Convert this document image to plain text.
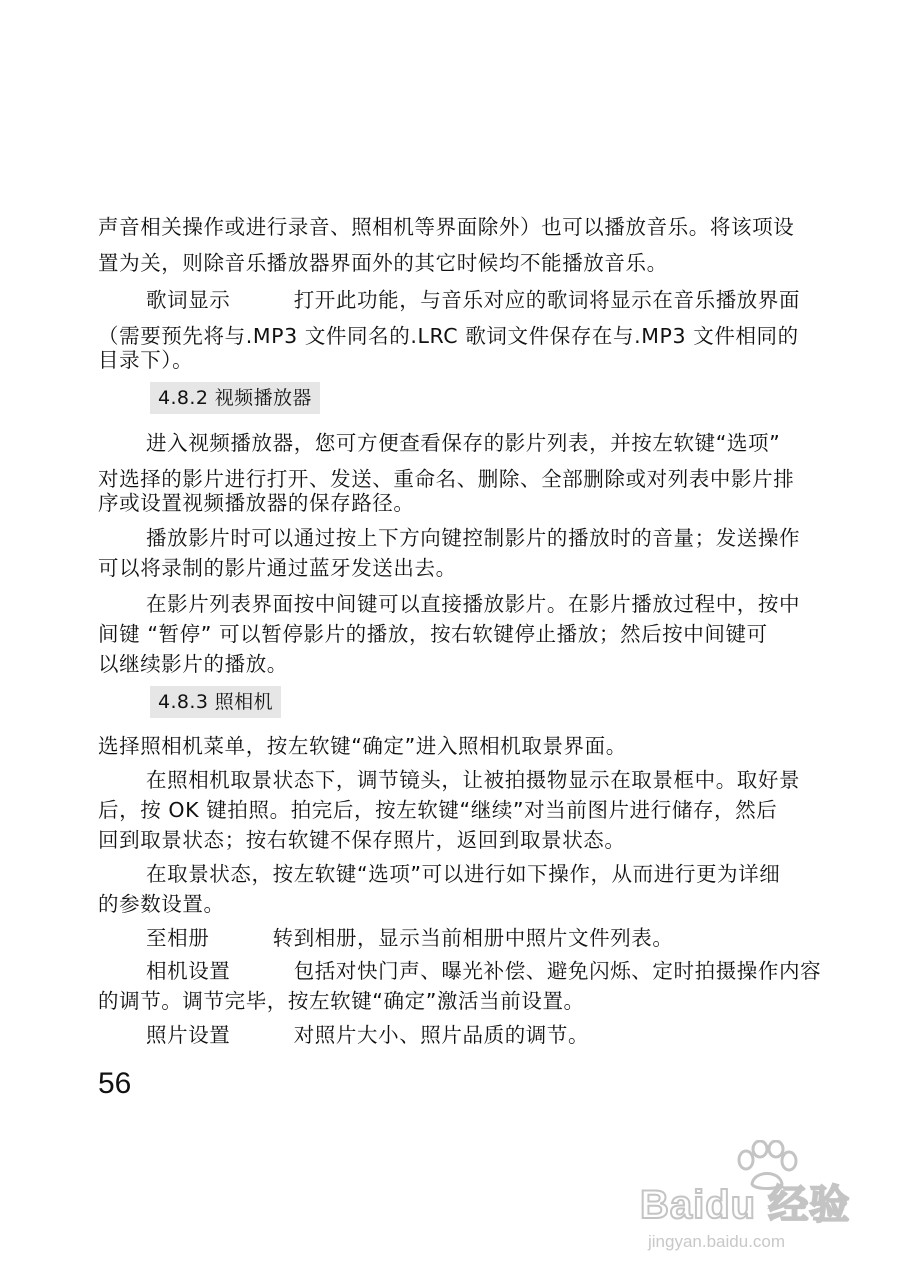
声音相关操作或进行录音、照相机等界面除外）也可以播放音乐。将该项设
置为关，则除音乐播放器界面外的其它时候均不能播放音乐。
歌词显示　　　打开此功能，与音乐对应的歌词将显示在音乐播放界面
（需要预先将与.MP3 文件同名的.LRC 歌词文件保存在与.MP3 文件相同的
目录下）。
4.8.2 视频播放器
进入视频播放器，您可方便查看保存的影片列表，并按左软键“选项”
对选择的影片进行打开、发送、重命名、删除、全部删除或对列表中影片排
序或设置视频播放器的保存路径。
播放影片时可以通过按上下方向键控制影片的播放时的音量；发送操作
可以将录制的影片通过蓝牙发送出去。
在影片列表界面按中间键可以直接播放影片。在影片播放过程中，按中
间键 “暂停” 可以暂停影片的播放，按右软键停止播放；然后按中间键可
以继续影片的播放。
4.8.3 照相机
选择照相机菜单，按左软键“确定”进入照相机取景界面。
在照相机取景状态下，调节镜头，让被拍摄物显示在取景框中。取好景
后，按 OK 键拍照。拍完后，按左软键“继续”对当前图片进行储存，然后
回到取景状态；按右软键不保存照片，返回到取景状态。
在取景状态，按左软键“选项”可以进行如下操作，从而进行更为详细
的参数设置。
至相册　　　转到相册，显示当前相册中照片文件列表。
相机设置　　　包括对快门声、曝光补偿、避免闪烁、定时拍摄操作内容
的调节。调节完毕，按左软键“确定”激活当前设置。
照片设置　　　对照片大小、照片品质的调节。
56
Baidu 经验
jingyan.baidu.com
